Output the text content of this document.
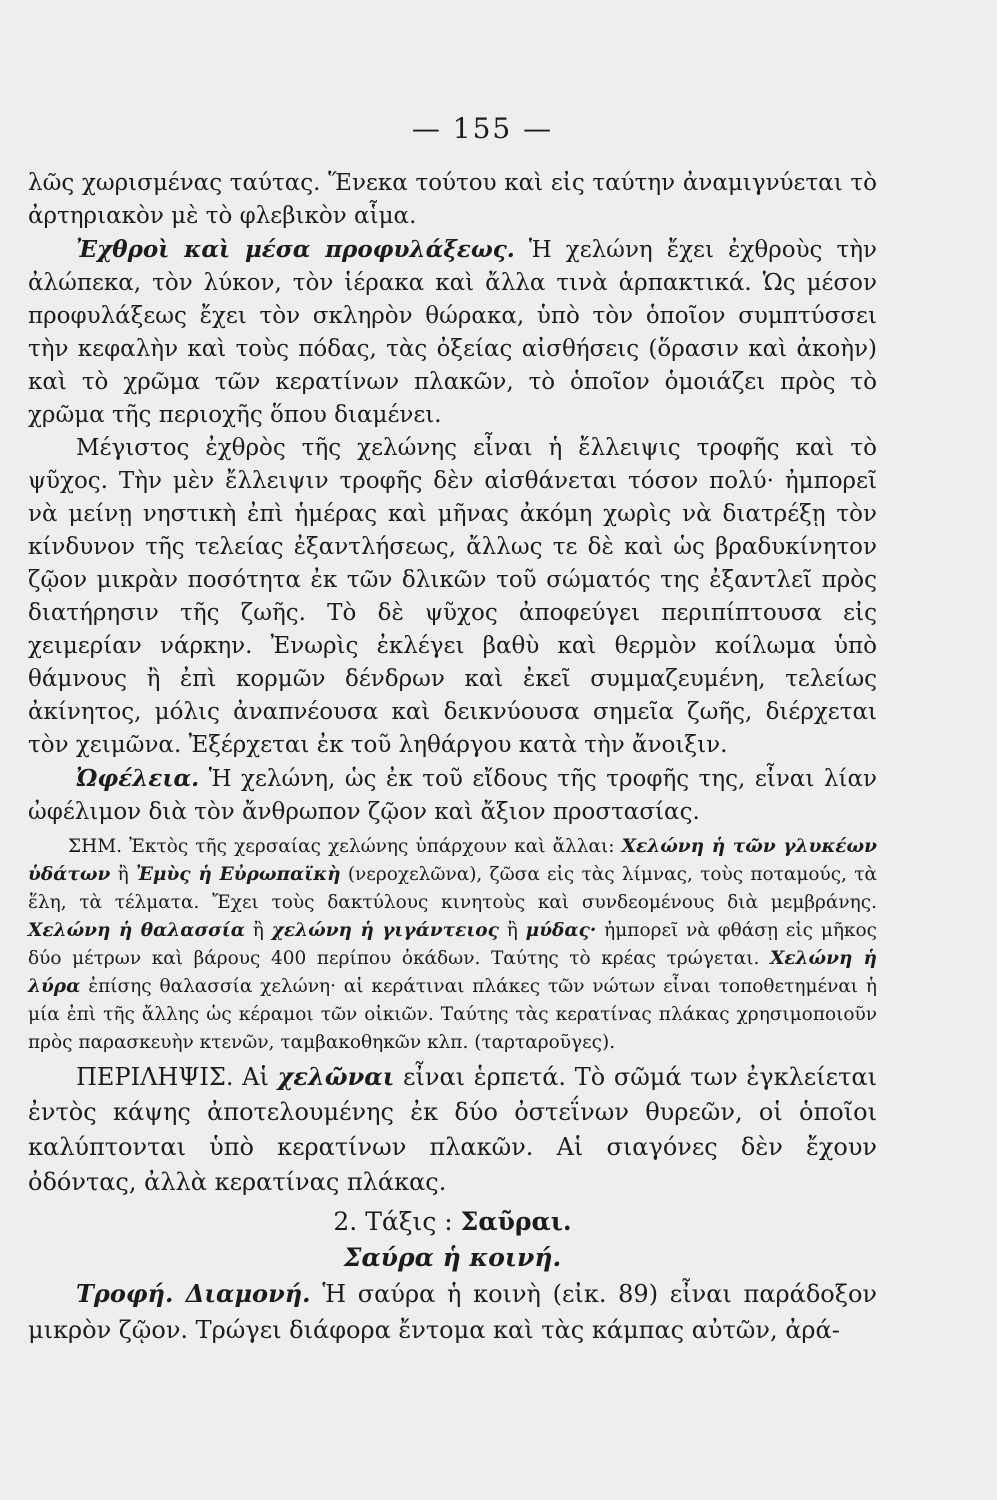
— 155 —

λῶς χωρισμένας ταύτας. Ἕνεκα τούτου καὶ εἰς ταύτην ἀναμιγνύεται τὸ ἀρτηριακὸν μὲ τὸ φλεβικὸν αἷμα.

Ἐχθροὶ καὶ μέσα προφυλάξεως. Ἡ χελώνη ἔχει ἐχθροὺς τὴν ἀλώπεκα, τὸν λύκον, τὸν ἱέρακα καὶ ἄλλα τινὰ ἁρπακτικά. Ὡς μέσον προφυλάξεως ἔχει τὸν σκληρὸν θώρακα, ὑπὸ τὸν ὁποῖον συμπτύσσει τὴν κεφαλὴν καὶ τοὺς πόδας, τὰς ὀξείας αἰσθήσεις (ὅρασιν καὶ ἀκοὴν) καὶ τὸ χρῶμα τῶν κερατίνων πλακῶν, τὸ ὁποῖον ὁμοιάζει πρὸς τὸ χρῶμα τῆς περιοχῆς ὅπου διαμένει.

Μέγιστος ἐχθρὸς τῆς χελώνης εἶναι ἡ ἔλλειψις τροφῆς καὶ τὸ ψῦχος. Τὴν μὲν ἔλλειψιν τροφῆς δὲν αἰσθάνεται τόσον πολύ· ἠμπορεῖ νὰ μείνῃ νηστικὴ ἐπὶ ἡμέρας καὶ μῆνας ἀκόμη χωρὶς νὰ διατρέξῃ τὸν κίνδυνον τῆς τελείας ἐξαντλήσεως, ἄλλως τε δὲ καὶ ὡς βραδυκίνητον ζῷον μικρὰν ποσότητα ἐκ τῶν δλικῶν τοῦ σώματός της ἐξαντλεῖ πρὸς διατήρησιν τῆς ζωῆς. Τὸ δὲ ψῦχος ἀποφεύγει περιπίπτουσα εἰς χειμερίαν νάρκην. Ἐνωρὶς ἐκλέγει βαθὺ καὶ θερμὸν κοίλωμα ὑπὸ θάμνους ἢ ἐπὶ κορμῶν δένδρων καὶ ἐκεῖ συμμαζευμένη, τελείως ἀκίνητος, μόλις ἀναπνέουσα καὶ δεικνύουσα σημεῖα ζωῆς, διέρχεται τὸν χειμῶνα. Ἐξέρχεται ἐκ τοῦ ληθάργου κατὰ τὴν ἄνοιξιν.

Ὠφέλεια. Ἡ χελώνη, ὡς ἐκ τοῦ εἴδους τῆς τροφῆς της, εἶναι λίαν ὠφέλιμον διὰ τὸν ἄνθρωπον ζῷον καὶ ἄξιον προστασίας.

ΣΗΜ. Ἐκτὸς τῆς χερσαίας χελώνης ὑπάρχουν καὶ ἄλλαι: Χελώνη ἡ τῶν γλυκέων ὑδάτων ἢ Ἐμὺς ἡ Εὐρωπαϊκὴ (νεροχελῶνα), ζῶσα εἰς τὰς λίμνας, τοὺς ποταμούς, τὰ ἕλη, τὰ τέλματα. Ἔχει τοὺς δακτύλους κινητοὺς καὶ συνδεομένους διὰ μεμβράνης. Χελώνη ἡ θαλασσία ἢ χελώνη ἡ γιγάντειος ἢ μύδας· ἠμπορεῖ νὰ φθάσῃ εἰς μῆκος δύο μέτρων καὶ βάρους 400 περίπου ὀκάδων. Ταύτης τὸ κρέας τρώγεται. Χελώνη ἡ λύρα ἐπίσης θαλασσία χελώνη· αἱ κεράτιναι πλάκες τῶν νώτων εἶναι τοποθετημέναι ἡ μία ἐπὶ τῆς ἄλλης ὡς κέραμοι τῶν οἰκιῶν. Ταύτης τὰς κερατίνας πλάκας χρησιμοποιοῦν πρὸς παρασκευὴν κτενῶν, ταμβακοθηκῶν κλπ. (ταρταροῦγες).

ΠΕΡΙΛΗΨΙΣ. Αἱ χελῶναι εἶναι ἑρπετά. Τὸ σῶμά των ἐγκλείεται ἐντὸς κάψης ἀποτελουμένης ἐκ δύο ὀστεΐνων θυρεῶν, οἱ ὁποῖοι καλύπτονται ὑπὸ κερατίνων πλακῶν. Αἱ σιαγόνες δὲν ἔχουν ὀδόντας, ἀλλὰ κερατίνας πλάκας.

2. Τάξις : Σαῦραι.
Σαύρα ἡ κοινή.

Τροφή. Διαμονή. Ἡ σαύρα ἡ κοινὴ (εἰκ. 89) εἶναι παράδοξον μικρὸν ζῷον. Τρώγει διάφορα ἔντομα καὶ τὰς κάμπας αὐτῶν, ἀρά-
